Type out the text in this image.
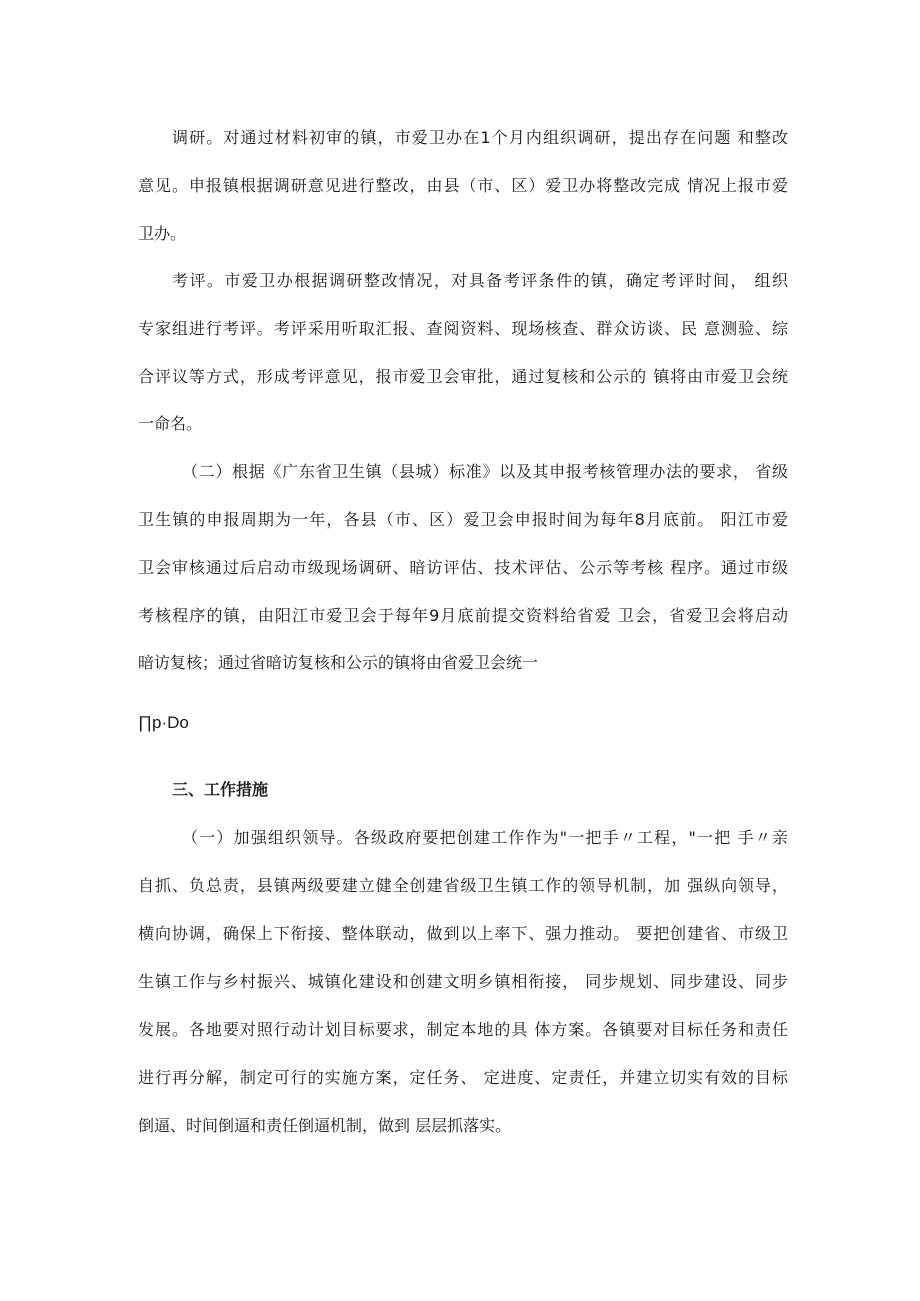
调研。对通过材料初审的镇，市爱卫办在1个月内组织调研，提出存在问题 和整改
意见。申报镇根据调研意见进行整改，由县（市、区）爱卫办将整改完成 情况上报市爱
卫办。
考评。市爱卫办根据调研整改情况，对具备考评条件的镇，确定考评时间， 组织
专家组进行考评。考评采用听取汇报、查阅资料、现场核查、群众访谈、民 意测验、综
合评议等方式，形成考评意见，报市爱卫会审批，通过复核和公示的 镇将由市爱卫会统
一命名。
（二）根据《广东省卫生镇（县城）标准》以及其申报考核管理办法的要求， 省级
卫生镇的申报周期为一年，各县（市、区）爱卫会申报时间为每年8月底前。 阳江市爱
卫会审核通过后启动市级现场调研、暗访评估、技术评估、公示等考核 程序。通过市级
考核程序的镇，由阳江市爱卫会于每年9月底前提交资料给省爱 卫会，省爱卫会将启动
暗访复核；通过省暗访复核和公示的镇将由省爱卫会统一
∏p·Do
三、工作措施
（一）加强组织领导。各级政府要把创建工作作为"一把手〃工程，"一把 手〃亲
自抓、负总责，县镇两级要建立健全创建省级卫生镇工作的领导机制，加 强纵向领导，
横向协调，确保上下衔接、整体联动，做到以上率下、强力推动。 要把创建省、市级卫
生镇工作与乡村振兴、城镇化建设和创建文明乡镇相衔接， 同步规划、同步建设、同步
发展。各地要对照行动计划目标要求，制定本地的具 体方案。各镇要对目标任务和责任
进行再分解，制定可行的实施方案，定任务、 定进度、定责任，并建立切实有效的目标
倒逼、时间倒逼和责任倒逼机制，做到 层层抓落实。
